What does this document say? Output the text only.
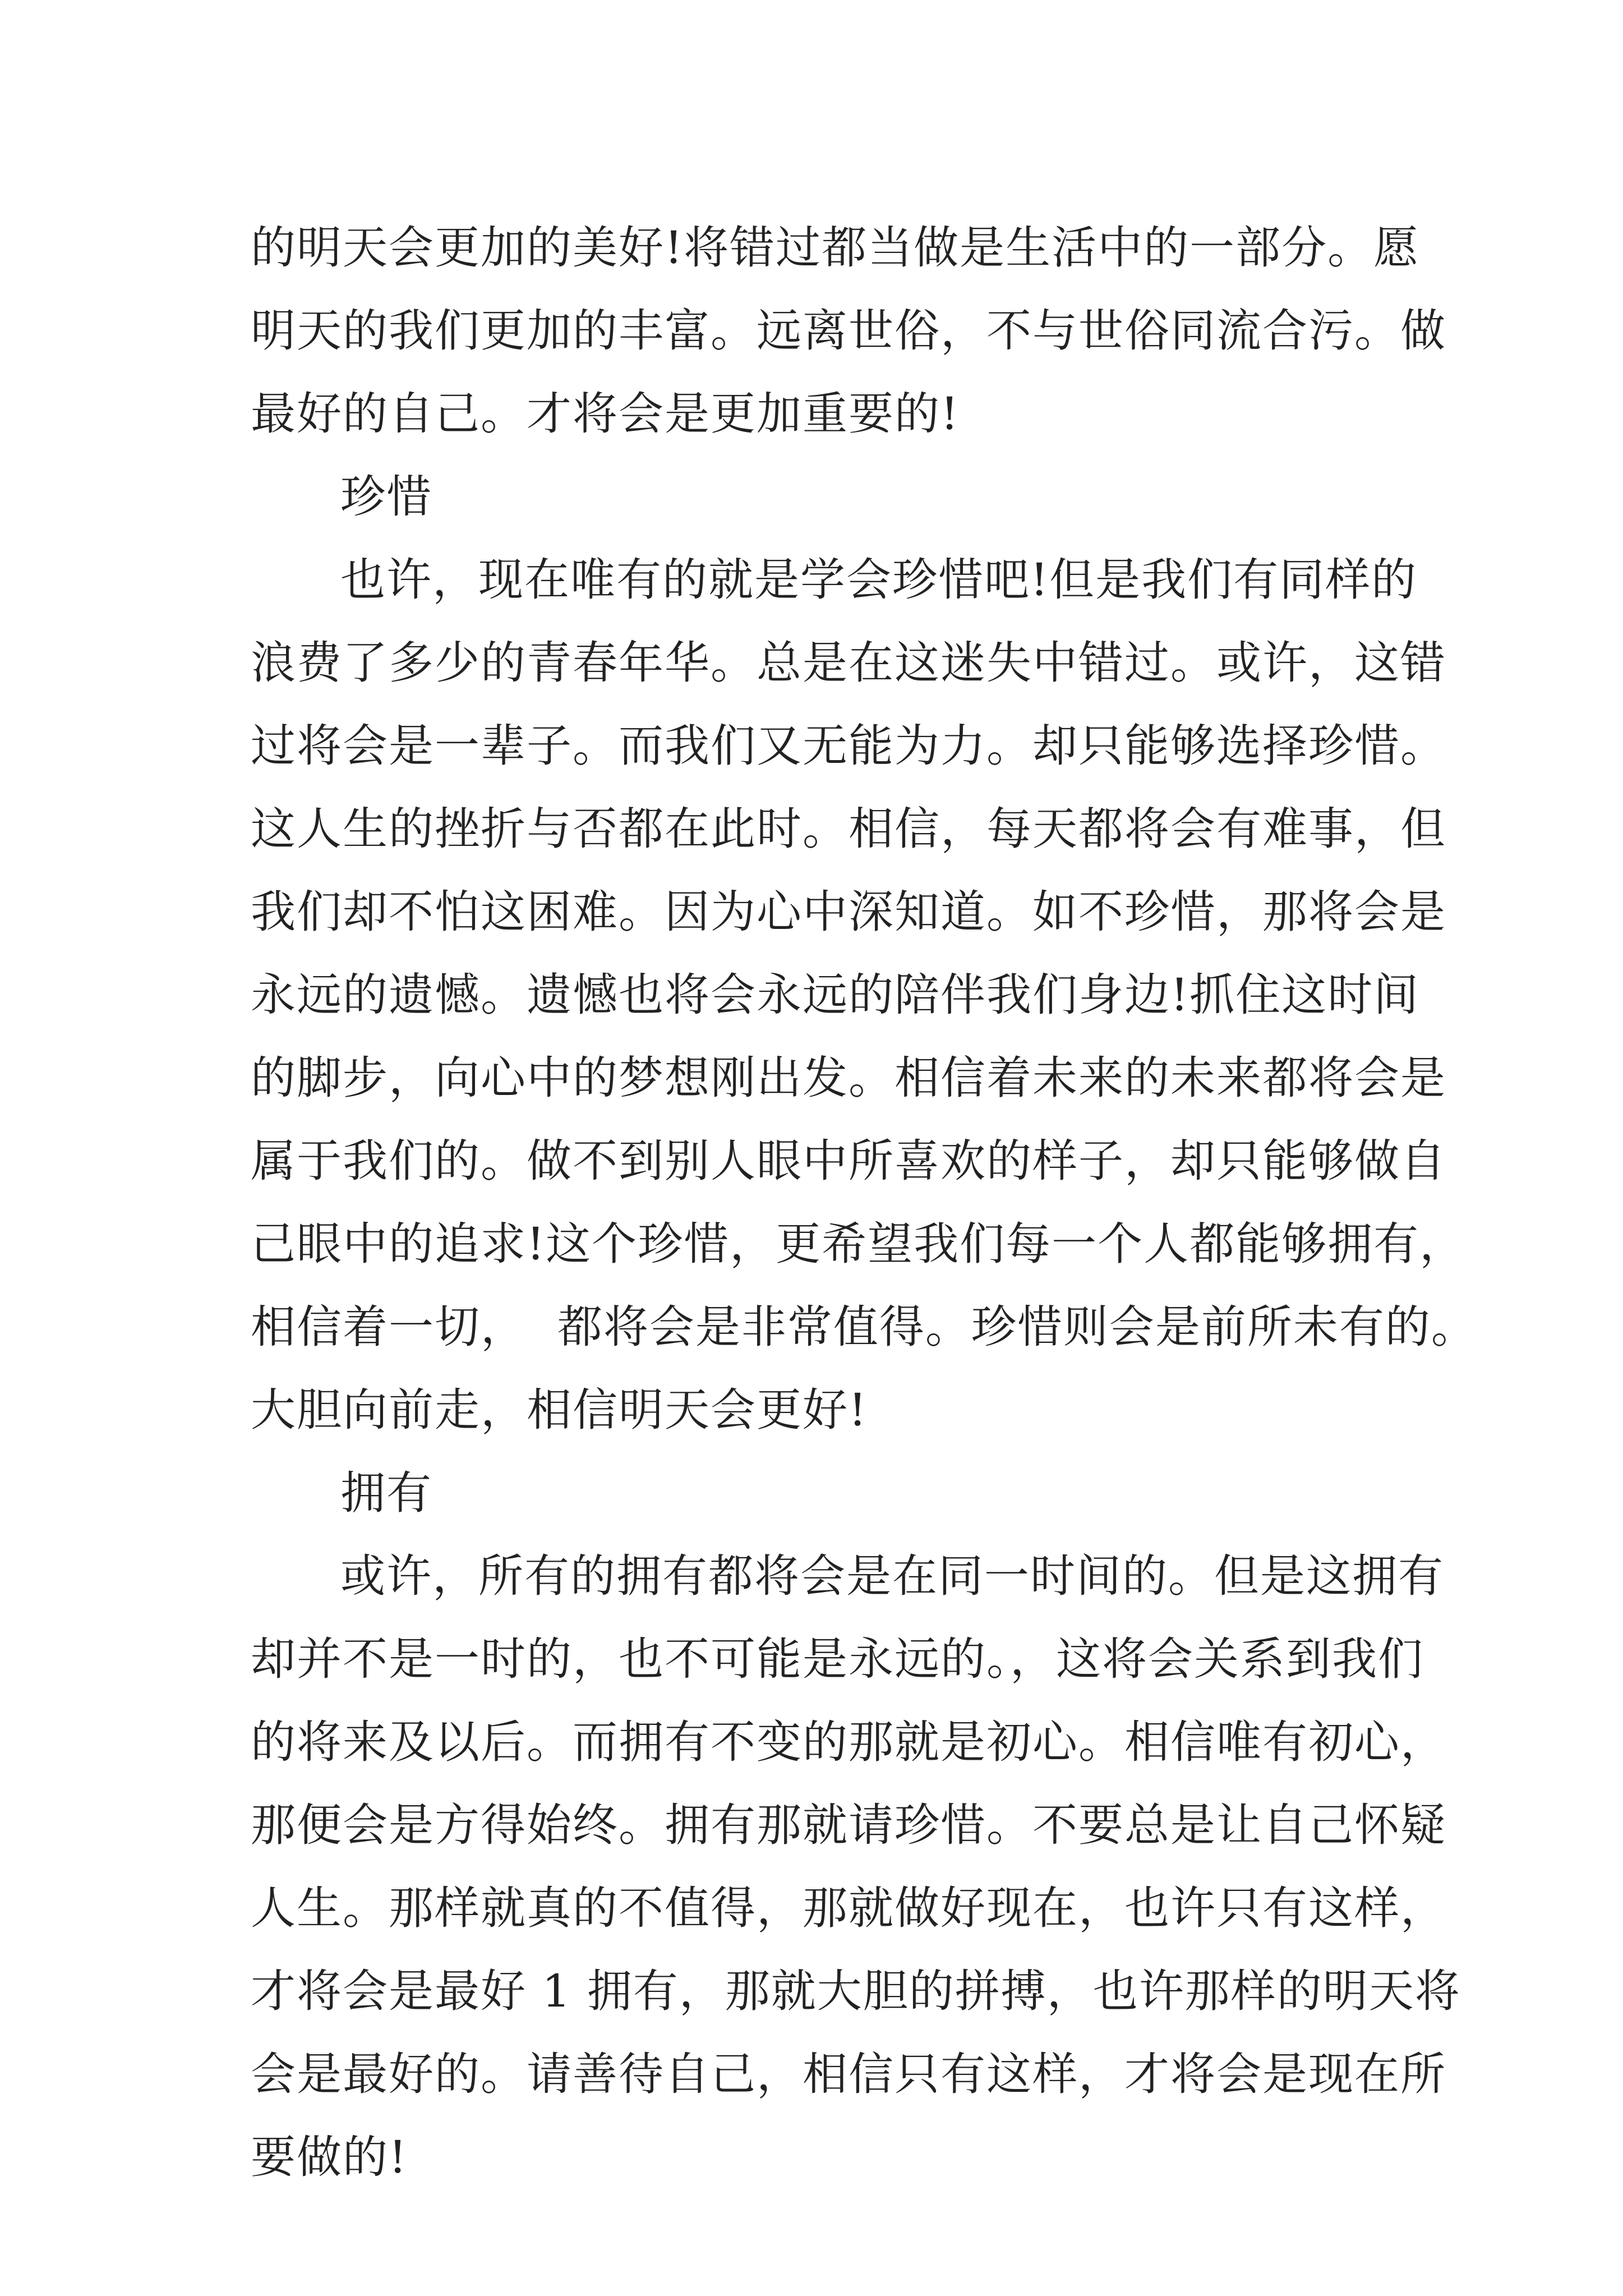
的明天会更加的美好!将错过都当做是生活中的一部分。愿
明天的我们更加的丰富。远离世俗，不与世俗同流合污。做
最好的自己。才将会是更加重要的!
珍惜
也许，现在唯有的就是学会珍惜吧!但是我们有同样的
浪费了多少的青春年华。总是在这迷失中错过。或许，这错
过将会是一辈子。而我们又无能为力。却只能够选择珍惜。
这人生的挫折与否都在此时。相信，每天都将会有难事，但
我们却不怕这困难。因为心中深知道。如不珍惜，那将会是
永远的遗憾。遗憾也将会永远的陪伴我们身边!抓住这时间
的脚步，向心中的梦想刚出发。相信着未来的未来都将会是
属于我们的。做不到别人眼中所喜欢的样子，却只能够做自
己眼中的追求!这个珍惜，更希望我们每一个人都能够拥有，
相信着一切，  都将会是非常值得。珍惜则会是前所未有的。
大胆向前走，相信明天会更好!
拥有
或许，所有的拥有都将会是在同一时间的。但是这拥有
却并不是一时的，也不可能是永远的。，这将会关系到我们
的将来及以后。而拥有不变的那就是初心。相信唯有初心，
那便会是方得始终。拥有那就请珍惜。不要总是让自己怀疑
人生。那样就真的不值得，那就做好现在，也许只有这样，
才将会是最好 1 拥有，那就大胆的拼搏，也许那样的明天将
会是最好的。请善待自己，相信只有这样，才将会是现在所
要做的!
